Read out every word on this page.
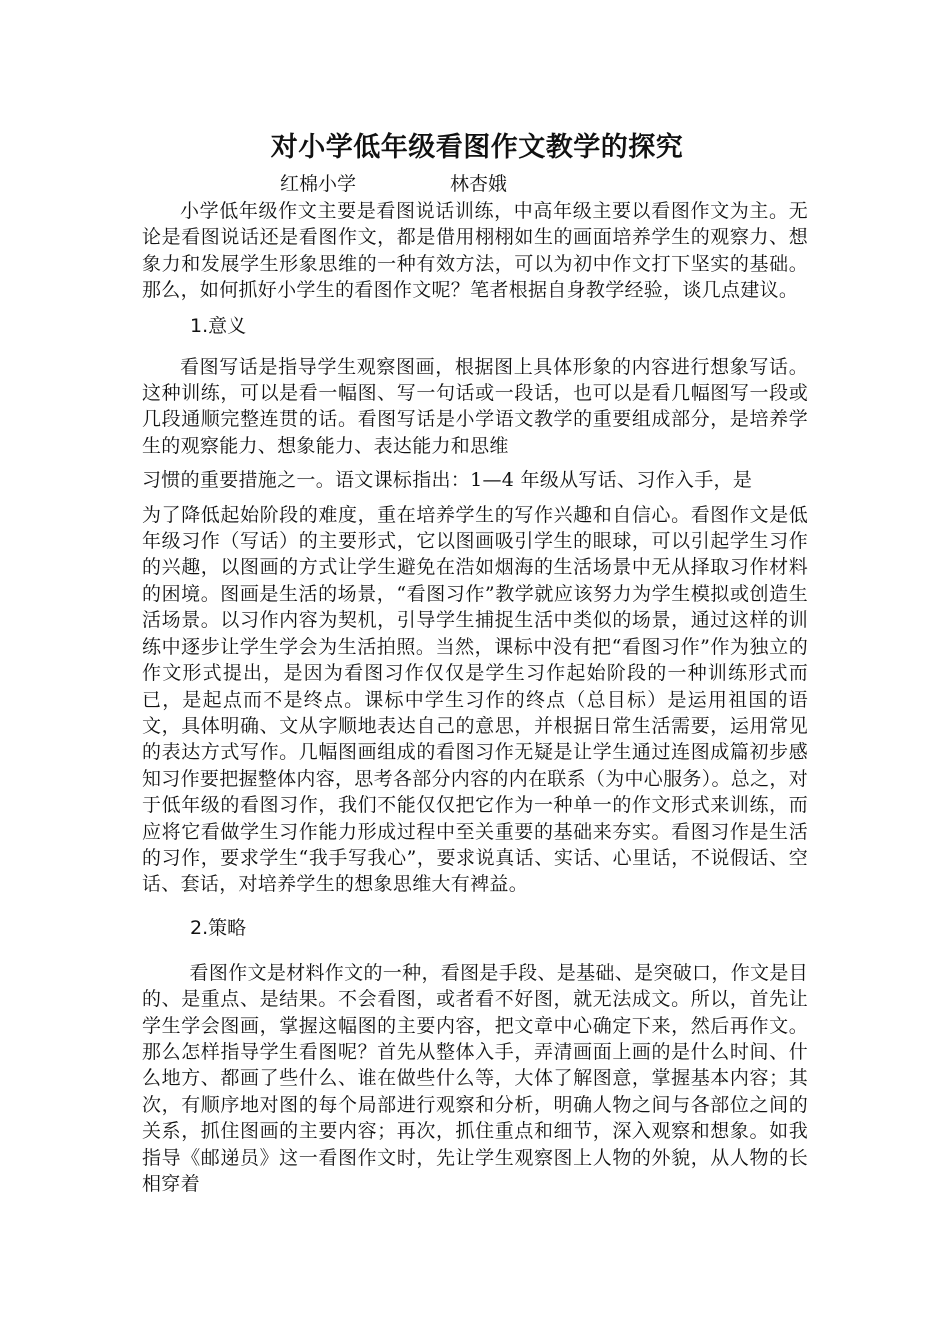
对小学低年级看图作文教学的探究
红棉小学	林杏娥

小学低年级作文主要是看图说话训练，中高年级主要以看图作文为主。无论是看图说话还是看图作文，都是借用栩栩如生的画面培养学生的观察力、想象力和发展学生形象思维的一种有效方法，可以为初中作文打下坚实的基础。那么，如何抓好小学生的看图作文呢？笔者根据自身教学经验，谈几点建议。

1.意义

看图写话是指导学生观察图画，根据图上具体形象的内容进行想象写话。这种训练，可以是看一幅图、写一句话或一段话，也可以是看几幅图写一段或几段通顺完整连贯的话。看图写话是小学语文教学的重要组成部分，是培养学生的观察能力、想象能力、表达能力和思维

习惯的重要措施之一。语文课标指出：1—4 年级从写话、习作入手，是

为了降低起始阶段的难度，重在培养学生的写作兴趣和自信心。看图作文是低年级习作（写话）的主要形式，它以图画吸引学生的眼球，可以引起学生习作的兴趣，以图画的方式让学生避免在浩如烟海的生活场景中无从择取习作材料的困境。图画是生活的场景，“看图习作”教学就应该努力为学生模拟或创造生活场景。以习作内容为契机，引导学生捕捉生活中类似的场景，通过这样的训练中逐步让学生学会为生活拍照。当然，课标中没有把“看图习作”作为独立的作文形式提出，是因为看图习作仅仅是学生习作起始阶段的一种训练形式而已，是起点而不是终点。课标中学生习作的终点（总目标）是运用祖国的语文，具体明确、文从字顺地表达自己的意思，并根据日常生活需要，运用常见的表达方式写作。几幅图画组成的看图习作无疑是让学生通过连图成篇初步感知习作要把握整体内容，思考各部分内容的内在联系（为中心服务）。总之，对于低年级的看图习作，我们不能仅仅把它作为一种单一的作文形式来训练，而应将它看做学生习作能力形成过程中至关重要的基础来夯实。看图习作是生活的习作，要求学生“我手写我心”，要求说真话、实话、心里话，不说假话、空话、套话，对培养学生的想象思维大有裨益。

2.策略

看图作文是材料作文的一种，看图是手段、是基础、是突破口，作文是目的、是重点、是结果。不会看图，或者看不好图，就无法成文。所以，首先让学生学会图画，掌握这幅图的主要内容，把文章中心确定下来，然后再作文。那么怎样指导学生看图呢？首先从整体入手，弄清画面上画的是什么时间、什么地方、都画了些什么、谁在做些什么等，大体了解图意，掌握基本内容；其次，有顺序地对图的每个局部进行观察和分析，明确人物之间与各部位之间的关系，抓住图画的主要内容；再次，抓住重点和细节，深入观察和想象。如我指导《邮递员》这一看图作文时，先让学生观察图上人物的外貌，从人物的长相穿着
